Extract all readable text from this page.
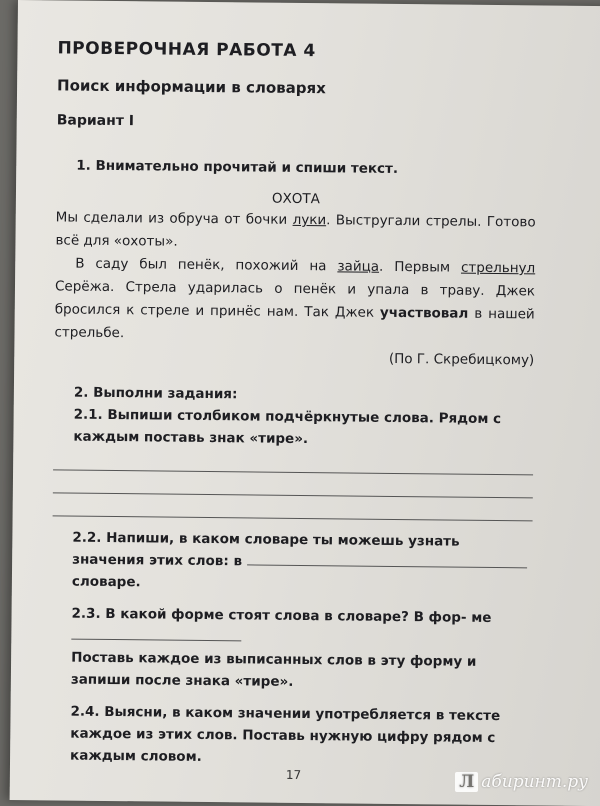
ПРОВЕРОЧНАЯ РАБОТА 4
Поиск информации в словарях
Вариант I

1. Внимательно прочитай и спиши текст.

ОХОТА

Мы сделали из обруча от бочки луки. Выстругали стрелы. Готово всё для «охоты».

В саду был пенёк, похожий на зайца. Первым стрельнул Серёжа. Стрела ударилась о пенёк и упала в траву. Джек бросился к стреле и принёс нам. Так Джек участвовал в нашей стрельбе.

(По Г. Скребицкому)

2. Выполни задания:

2.1. Выпиши столбиком подчёркнутые слова. Рядом с каждым поставь знак «тире».

2.2. Напиши, в каком словаре ты можешь узнать значения этих слов: в  словаре.

2.3. В какой форме стоят слова в словаре? В фор- ме

Поставь каждое из выписанных слов в эту форму и запиши после знака «тире».

2.4. Выясни, в каком значении употребляется в тексте каждое из этих слов. Поставь нужную цифру рядом с каждым словом.

17	Л абиринт.ру
